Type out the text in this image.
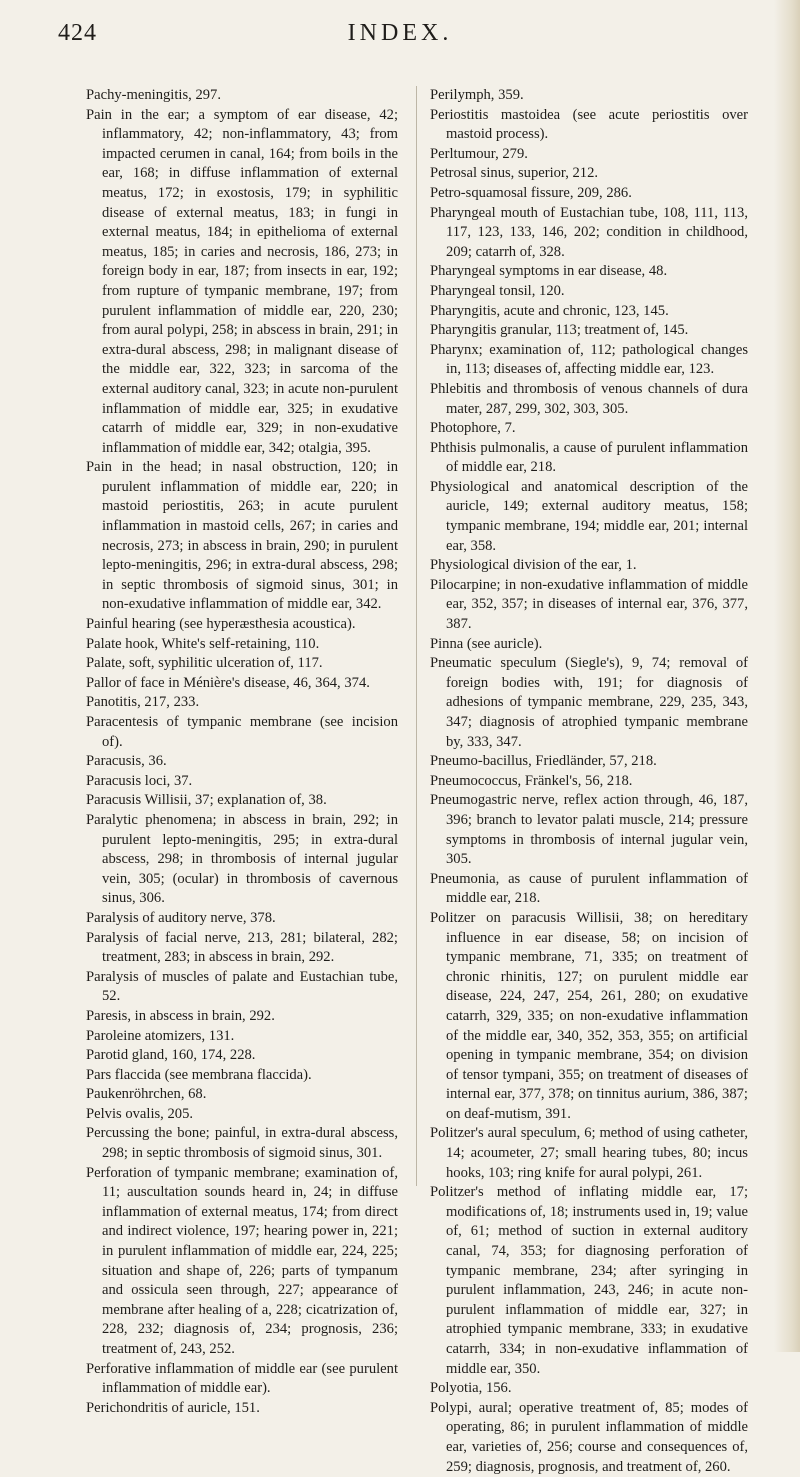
424	INDEX.

Pachy-meningitis, 297.

Pain in the ear; a symptom of ear disease, 42; inflammatory, 42; non-inflammatory, 43; from impacted cerumen in canal, 164; from boils in the ear, 168; in diffuse inflammation of external meatus, 172; in exostosis, 179; in syphilitic disease of external meatus, 183; in fungi in external meatus, 184; in epithelioma of external meatus, 185; in caries and necrosis, 186, 273; in foreign body in ear, 187; from insects in ear, 192; from rupture of tympanic membrane, 197; from purulent inflammation of middle ear, 220, 230; from aural polypi, 258; in abscess in brain, 291; in extra-dural abscess, 298; in malignant disease of the middle ear, 322, 323; in sarcoma of the external auditory canal, 323; in acute non-purulent inflammation of middle ear, 325; in exudative catarrh of middle ear, 329; in non-exudative inflammation of middle ear, 342; otalgia, 395.

Pain in the head; in nasal obstruction, 120; in purulent inflammation of middle ear, 220; in mastoid periostitis, 263; in acute purulent inflammation in mastoid cells, 267; in caries and necrosis, 273; in abscess in brain, 290; in purulent lepto-meningitis, 296; in extra-dural abscess, 298; in septic thrombosis of sigmoid sinus, 301; in non-exudative inflammation of middle ear, 342.

Painful hearing (see hyperæsthesia acoustica).

Palate hook, White's self-retaining, 110.

Palate, soft, syphilitic ulceration of, 117.

Pallor of face in Ménière's disease, 46, 364, 374.

Panotitis, 217, 233.

Paracentesis of tympanic membrane (see incision of).

Paracusis, 36.

Paracusis loci, 37.

Paracusis Willisii, 37; explanation of, 38.

Paralytic phenomena; in abscess in brain, 292; in purulent lepto-meningitis, 295; in extra-dural abscess, 298; in thrombosis of internal jugular vein, 305; (ocular) in thrombosis of cavernous sinus, 306.

Paralysis of auditory nerve, 378.

Paralysis of facial nerve, 213, 281; bilateral, 282; treatment, 283; in abscess in brain, 292.

Paralysis of muscles of palate and Eustachian tube, 52.

Paresis, in abscess in brain, 292.

Paroleine atomizers, 131.

Parotid gland, 160, 174, 228.

Pars flaccida (see membrana flaccida).

Paukenröhrchen, 68.

Pelvis ovalis, 205.

Percussing the bone; painful, in extra-dural abscess, 298; in septic thrombosis of sigmoid sinus, 301.

Perforation of tympanic membrane; examination of, 11; auscultation sounds heard in, 24; in diffuse inflammation of external meatus, 174; from direct and indirect violence, 197; hearing power in, 221; in purulent inflammation of middle ear, 224, 225; situation and shape of, 226; parts of tympanum and ossicula seen through, 227; appearance of membrane after healing of a, 228; cicatrization of, 228, 232; diagnosis of, 234; prognosis, 236; treatment of, 243, 252.

Perforative inflammation of middle ear (see purulent inflammation of middle ear).

Perichondritis of auricle, 151.

Perilymph, 359.

Periostitis mastoidea (see acute periostitis over mastoid process).

Perltumour, 279.

Petrosal sinus, superior, 212.

Petro-squamosal fissure, 209, 286.

Pharyngeal mouth of Eustachian tube, 108, 111, 113, 117, 123, 133, 146, 202; condition in childhood, 209; catarrh of, 328.

Pharyngeal symptoms in ear disease, 48.

Pharyngeal tonsil, 120.

Pharyngitis, acute and chronic, 123, 145.

Pharyngitis granular, 113; treatment of, 145.

Pharynx; examination of, 112; pathological changes in, 113; diseases of, affecting middle ear, 123.

Phlebitis and thrombosis of venous channels of dura mater, 287, 299, 302, 303, 305.

Photophore, 7.

Phthisis pulmonalis, a cause of purulent inflammation of middle ear, 218.

Physiological and anatomical description of the auricle, 149; external auditory meatus, 158; tympanic membrane, 194; middle ear, 201; internal ear, 358.

Physiological division of the ear, 1.

Pilocarpine; in non-exudative inflammation of middle ear, 352, 357; in diseases of internal ear, 376, 377, 387.

Pinna (see auricle).

Pneumatic speculum (Siegle's), 9, 74; removal of foreign bodies with, 191; for diagnosis of adhesions of tympanic membrane, 229, 235, 343, 347; diagnosis of atrophied tympanic membrane by, 333, 347.

Pneumo-bacillus, Friedländer, 57, 218.

Pneumococcus, Fränkel's, 56, 218.

Pneumogastric nerve, reflex action through, 46, 187, 396; branch to levator palati muscle, 214; pressure symptoms in thrombosis of internal jugular vein, 305.

Pneumonia, as cause of purulent inflammation of middle ear, 218.

Politzer on paracusis Willisii, 38; on hereditary influence in ear disease, 58; on incision of tympanic membrane, 71, 335; on treatment of chronic rhinitis, 127; on purulent middle ear disease, 224, 247, 254, 261, 280; on exudative catarrh, 329, 335; on non-exudative inflammation of the middle ear, 340, 352, 353, 355; on artificial opening in tympanic membrane, 354; on division of tensor tympani, 355; on treatment of diseases of internal ear, 377, 378; on tinnitus aurium, 386, 387; on deaf-mutism, 391.

Politzer's aural speculum, 6; method of using catheter, 14; acoumeter, 27; small hearing tubes, 80; incus hooks, 103; ring knife for aural polypi, 261.

Politzer's method of inflating middle ear, 17; modifications of, 18; instruments used in, 19; value of, 61; method of suction in external auditory canal, 74, 353; for diagnosing perforation of tympanic membrane, 234; after syringing in purulent inflammation, 243, 246; in acute non-purulent inflammation of middle ear, 327; in atrophied tympanic membrane, 333; in exudative catarrh, 334; in non-exudative inflammation of middle ear, 350.

Polyotia, 156.

Polypi, aural; operative treatment of, 85; modes of operating, 86; in purulent inflammation of middle ear, varieties of, 256; course and consequences of, 259; diagnosis, prognosis, and treatment of, 260.
